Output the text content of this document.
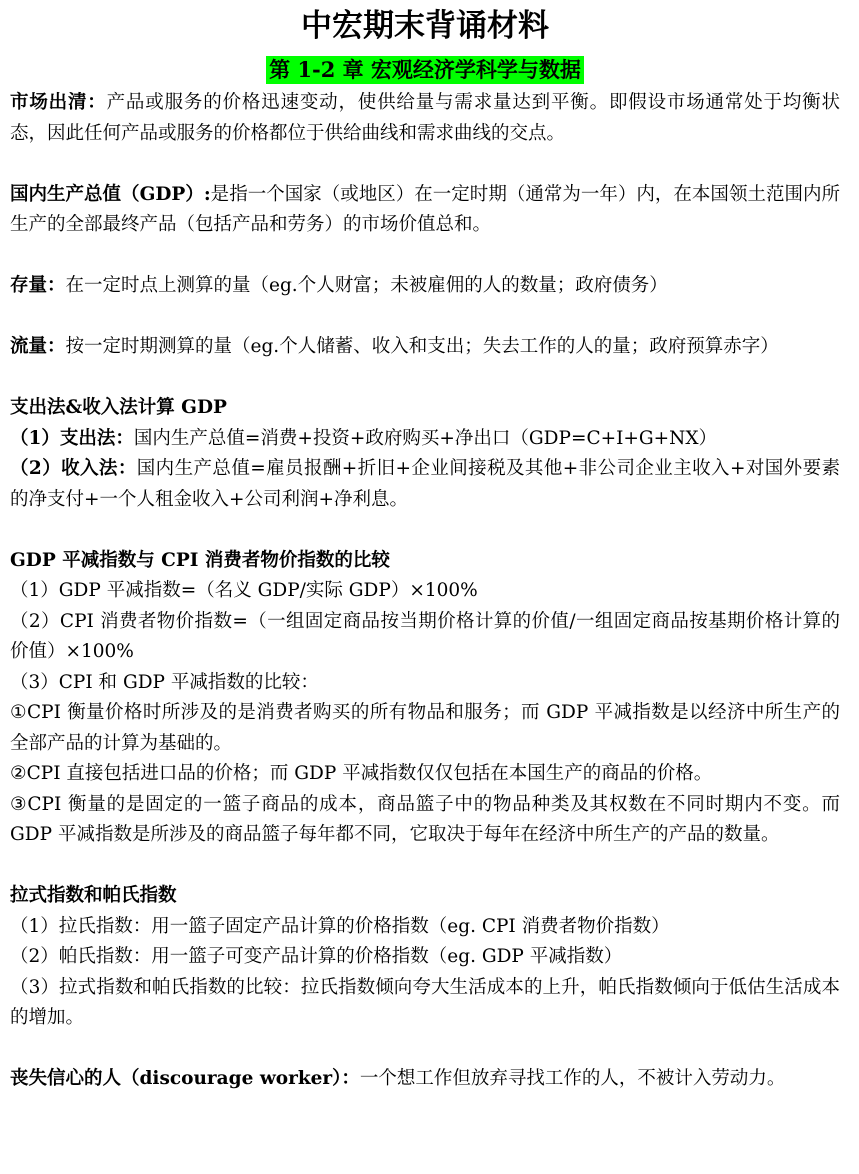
中宏期末背诵材料
第 1-2 章 宏观经济学科学与数据

市场出清：产品或服务的价格迅速变动，使供给量与需求量达到平衡。即假设市场通常处于均衡状态，因此任何产品或服务的价格都位于供给曲线和需求曲线的交点。

国内生产总值（GDP）:是指一个国家（或地区）在一定时期（通常为一年）内，在本国领土范围内所生产的全部最终产品（包括产品和劳务）的市场价值总和。

存量：在一定时点上测算的量（eg.个人财富；未被雇佣的人的数量；政府债务）

流量：按一定时期测算的量（eg.个人储蓄、收入和支出；失去工作的人的量；政府预算赤字）

支出法&收入法计算 GDP

（1）支出法：国内生产总值=消费+投资+政府购买+净出口（GDP=C+I+G+NX）

（2）收入法：国内生产总值=雇员报酬+折旧+企业间接税及其他+非公司企业主收入+对国外要素的净支付+一个人租金收入+公司利润+净利息。

GDP 平减指数与 CPI 消费者物价指数的比较

（1）GDP 平减指数=（名义 GDP/实际 GDP）×100%

（2）CPI 消费者物价指数=（一组固定商品按当期价格计算的价值/一组固定商品按基期价格计算的价值）×100%

（3）CPI 和 GDP 平减指数的比较：

①CPI 衡量价格时所涉及的是消费者购买的所有物品和服务；而 GDP 平减指数是以经济中所生产的全部产品的计算为基础的。

②CPI 直接包括进口品的价格；而 GDP 平减指数仅仅包括在本国生产的商品的价格。

③CPI 衡量的是固定的一篮子商品的成本，商品篮子中的物品种类及其权数在不同时期内不变。而 GDP 平减指数是所涉及的商品篮子每年都不同，它取决于每年在经济中所生产的产品的数量。

拉式指数和帕氏指数

（1）拉氏指数：用一篮子固定产品计算的价格指数（eg. CPI 消费者物价指数）

（2）帕氏指数：用一篮子可变产品计算的价格指数（eg. GDP 平减指数）

（3）拉式指数和帕氏指数的比较：拉氏指数倾向夸大生活成本的上升，帕氏指数倾向于低估生活成本的增加。

丧失信心的人（discourage worker）：一个想工作但放弃寻找工作的人，不被计入劳动力。
